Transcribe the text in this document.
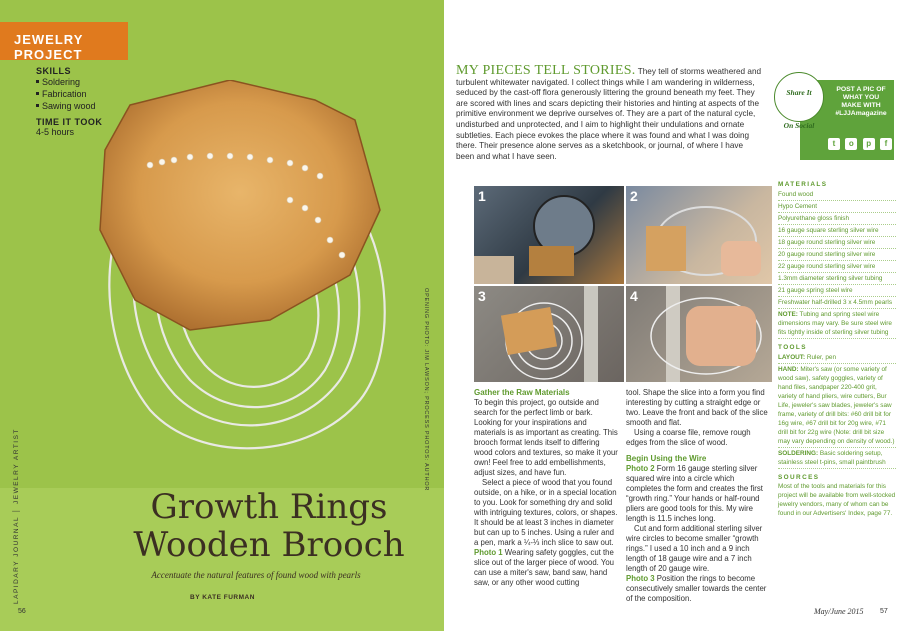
JEWELRY PROJECT
SKILLS
Soldering
Fabrication
Sawing wood
TIME IT TOOK
4-5 hours
LAPIDARY JOURNAL │ JEWELRY ARTIST
OPENING PHOTO: JIM LAWSON; PROCESS PHOTOS: AUTHOR
Growth Rings
Wooden Brooch
Accentuate the natural features of found wood with pearls
BY KATE FURMAN
56
MY PIECES TELL STORIES. They tell of storms weathered and turbulent whitewater navigated. I collect things while I am wandering in wilderness, seduced by the cast-off flora generously littering the ground beneath my feet. They are scored with lines and scars depicting their histories and hinting at aspects of the primitive environment we deprive ourselves of. They are a part of the natural cycle, undisturbed and unprotected, and I aim to highlight their undulations and ornate subtleties. Each piece evokes the place where it was found and what I was doing there. Their presence alone serves as a sketchbook, or journal, of where I have been and what I have seen.
POST A PIC OF WHAT YOU MAKE WITH #LJJAmagazine
t	o	p	f
Share It

On Social
1	2
3	4
Gather the Raw Materials
To begin this project, go outside and search for the perfect limb or bark. Looking for your inspirations and materials is as important as creating. This brooch format lends itself to differing wood colors and textures, so make it your own! Feel free to add embellishments, adjust sizes, and have fun.
Select a piece of wood that you found outside, on a hike, or in a special location to you. Look for something dry and solid with intriguing textures, colors, or shapes. It should be at least 3 inches in diameter but can up to 5 inches. Using a ruler and a pen, mark a ¼-⅓ inch slice to saw out.
Photo 1 Wearing safety goggles, cut the slice out of the larger piece of wood. You can use a miter's saw, band saw, hand saw, or any other wood cutting
tool. Shape the slice into a form you find interesting by cutting a straight edge or two. Leave the front and back of the slice smooth and flat.
Using a coarse file, remove rough edges from the slice of wood.
Begin Using the Wire
Photo 2 Form 16 gauge sterling silver squared wire into a circle which completes the form and creates the first “growth ring.” Your hands or half-round pliers are good tools for this. My wire length is 11.5 inches long.
Cut and form additional sterling silver wire circles to become smaller “growth rings.” I used a 10 inch and a 9 inch length of 18 gauge wire and a 7 inch length of 20 gauge wire.
Photo 3 Position the rings to become consecutively smaller towards the center of the composition.
MATERIALS
Found wood
Hypo Cement
Polyurethane gloss finish
16 gauge square sterling silver wire
18 gauge round sterling silver wire
20 gauge round sterling silver wire
22 gauge round sterling silver wire
1.3mm diameter sterling silver tubing
21 gauge spring steel wire
Freshwater half-drilled 3 x 4.5mm pearls
NOTE: Tubing and spring steel wire dimensions may vary. Be sure steel wire fits tightly inside of sterling silver tubing
TOOLS
LAYOUT: Ruler, pen
HAND: Miter's saw (or some variety of wood saw), safety goggles, variety of hand files, sandpaper 220-400 grit, variety of hand pliers, wire cutters, Bur Life, jeweler's saw blades, jeweler's saw frame, variety of drill bits: #60 drill bit for 16g wire, #67 drill bit for 20g wire, #71 drill bit for 22g wire (Note: drill bit size may vary depending on density of wood.)
SOLDERING: Basic soldering setup, stainless steel t-pins, small paintbrush
SOURCES
Most of the tools and materials for this project will be available from well-stocked jewelry vendors, many of whom can be found in our Advertisers' Index, page 77.
May/June 2015 57
